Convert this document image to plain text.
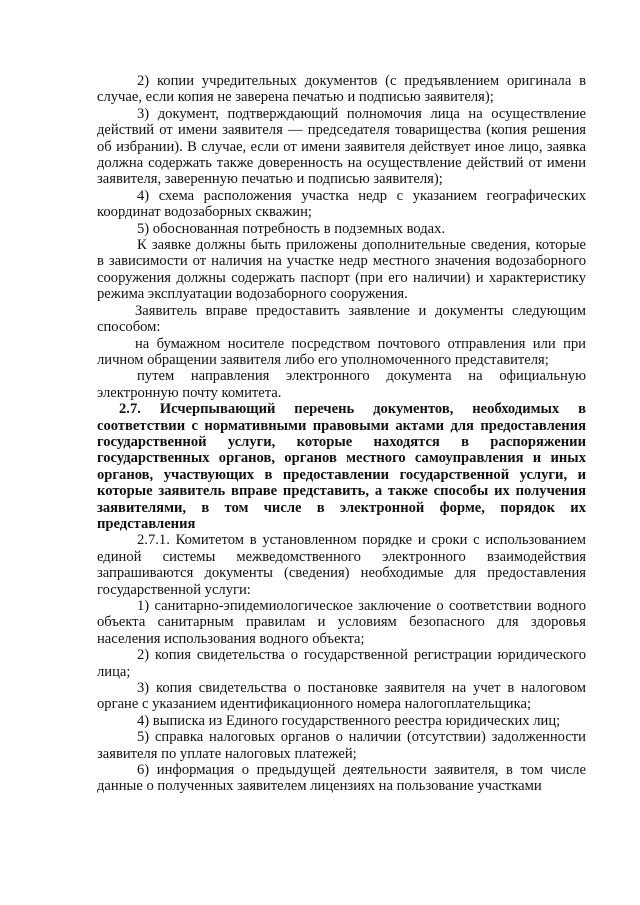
2) копии учредительных документов (с предъявлением оригинала в случае, если копия не заверена печатью и подписью заявителя);

3) документ, подтверждающий полномочия лица на осуществление действий от имени заявителя — председателя товарищества (копия решения об избрании). В случае, если от имени заявителя действует иное лицо, заявка должна содержать также доверенность на осуществление действий от имени заявителя, заверенную печатью и подписью заявителя);

4) схема расположения участка недр с указанием географических координат водозаборных скважин;

5) обоснованная потребность в подземных водах.

К заявке должны быть приложены дополнительные сведения, которые в зависимости от наличия на участке недр местного значения водозаборного сооружения должны содержать паспорт (при его наличии) и характеристику режима эксплуатации водозаборного сооружения.

Заявитель вправе предоставить заявление и документы следующим способом:

на бумажном носителе посредством почтового отправления или при личном обращении заявителя либо его уполномоченного представителя;

путем направления электронного документа на официальную электронную почту комитета.

2.7. Исчерпывающий перечень документов, необходимых в соответствии с нормативными правовыми актами для предоставления государственной услуги, которые находятся в распоряжении государственных органов, органов местного самоуправления и иных органов, участвующих в предоставлении государственной услуги, и которые заявитель вправе представить, а также способы их получения заявителями, в том числе в электронной форме, порядок их представления

2.7.1. Комитетом в установленном порядке и сроки с использованием единой системы межведомственного электронного взаимодействия запрашиваются документы (сведения) необходимые для предоставления государственной услуги:

1) санитарно-эпидемиологическое заключение о соответствии водного объекта санитарным правилам и условиям безопасного для здоровья населения использования водного объекта;

2) копия свидетельства о государственной регистрации юридического лица;

3) копия свидетельства о постановке заявителя на учет в налоговом органе с указанием идентификационного номера налогоплательщика;

4) выписка из Единого государственного реестра юридических лиц;

5) справка налоговых органов о наличии (отсутствии) задолженности заявителя по уплате налоговых платежей;

6) информация о предыдущей деятельности заявителя, в том числе данные о полученных заявителем лицензиях на пользование участками
